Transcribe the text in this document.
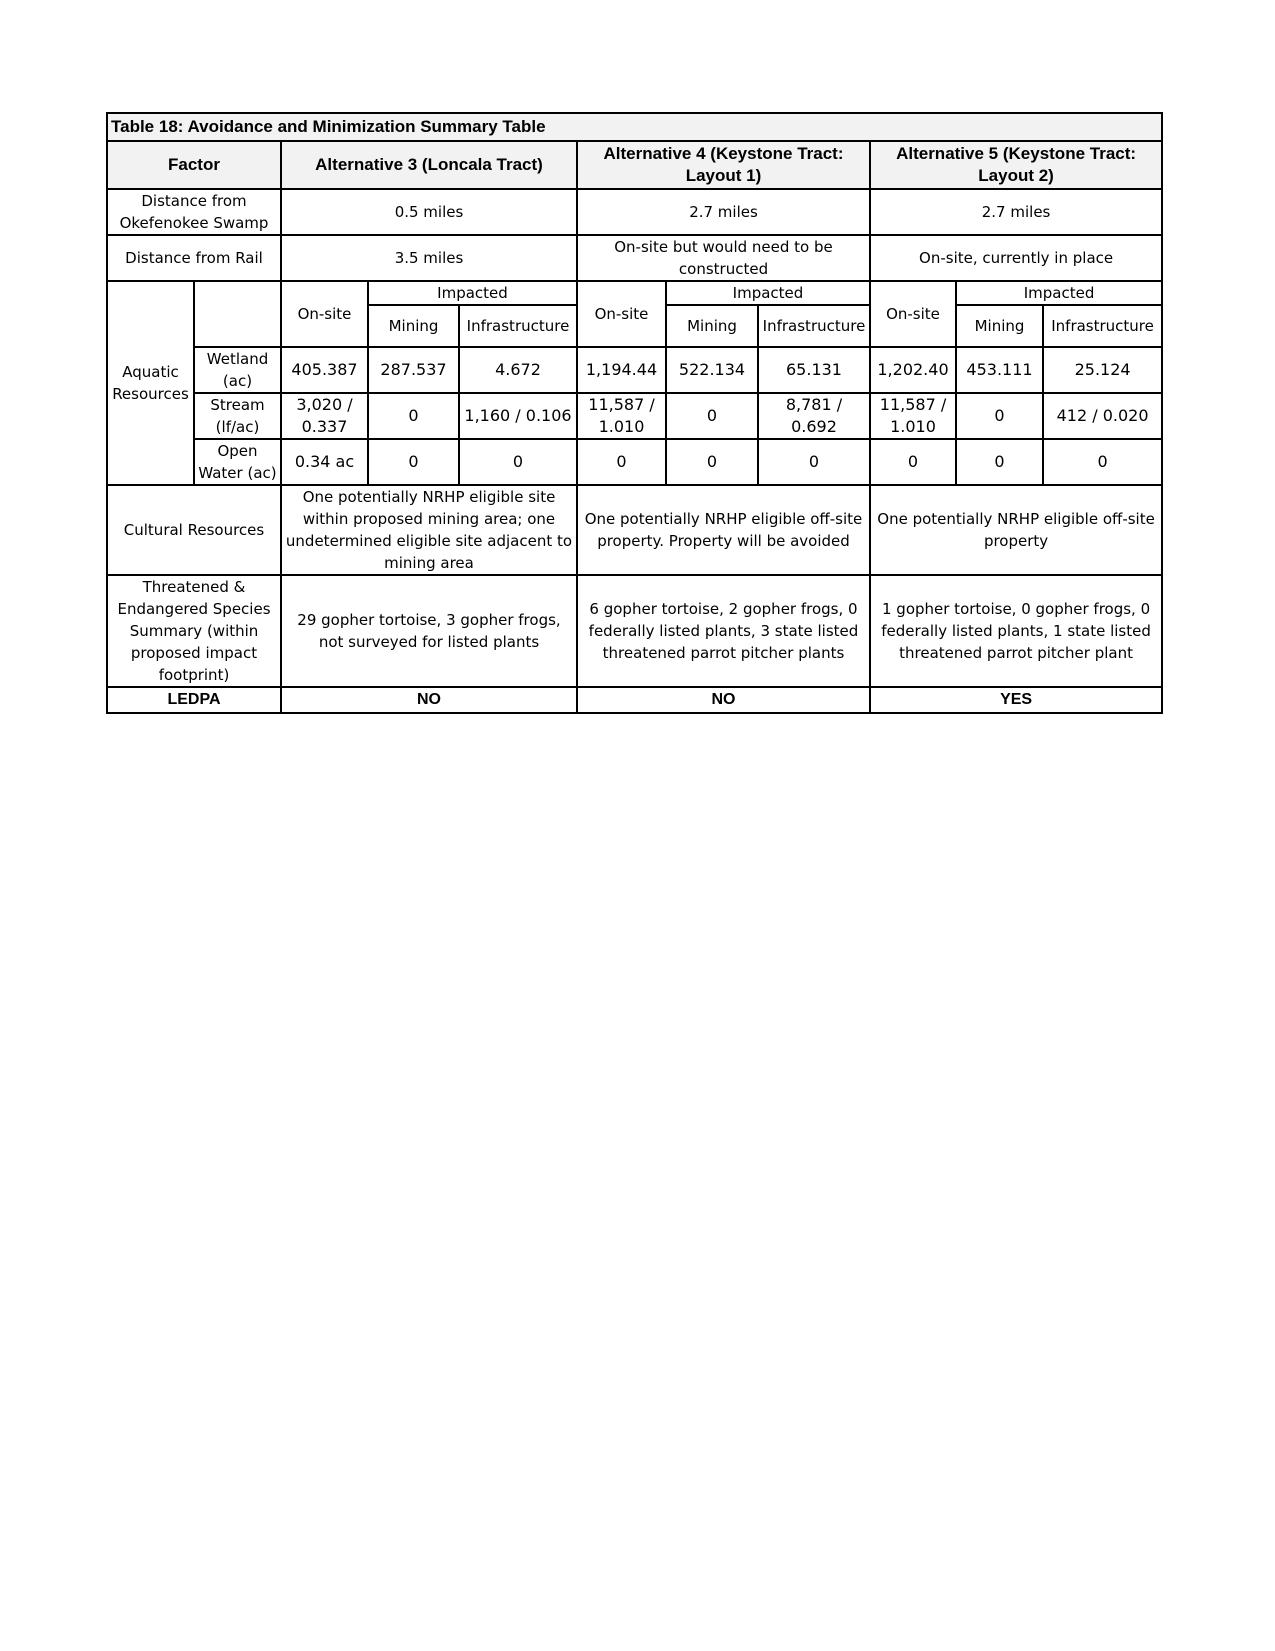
Table 18: Avoidance and Minimization Summary Table										
Factor		Alternative 3 (Loncala Tract)			Alternative 4 (Keystone Tract: Layout 1)			Alternative 5 (Keystone Tract: Layout 2)		
Distance from Okefenokee Swamp		0.5 miles			2.7 miles			2.7 miles		
Distance from Rail		3.5 miles			On-site but would need to be constructed			On-site, currently in place		
Aquatic Resources		On-site	Impacted		On-site	Impacted		On-site	Impacted	
			Mining	Infrastructure		Mining	Infrastructure		Mining	Infrastructure
	Wetland (ac)	405.387	287.537	4.672	1,194.44	522.134	65.131	1,202.40	453.111	25.124
	Stream (lf/ac)	3,020 / 0.337	0	1,160 / 0.106	11,587 / 1.010	0	8,781 / 0.692	11,587 / 1.010	0	412 / 0.020
	Open Water (ac)	0.34 ac	0	0	0	0	0	0	0	0
Cultural Resources		One potentially NRHP eligible site within proposed mining area; one undetermined eligible site adjacent to mining area			One potentially NRHP eligible off-site property. Property will be avoided			One potentially NRHP eligible off-site property		
Threatened & Endangered Species Summary (within proposed impact footprint)		29 gopher tortoise, 3 gopher frogs, not surveyed for listed plants			6 gopher tortoise, 2 gopher frogs, 0 federally listed plants, 3 state listed threatened parrot pitcher plants			1 gopher tortoise, 0 gopher frogs, 0 federally listed plants, 1 state listed threatened parrot pitcher plant		
LEDPA		NO			NO			YES		
